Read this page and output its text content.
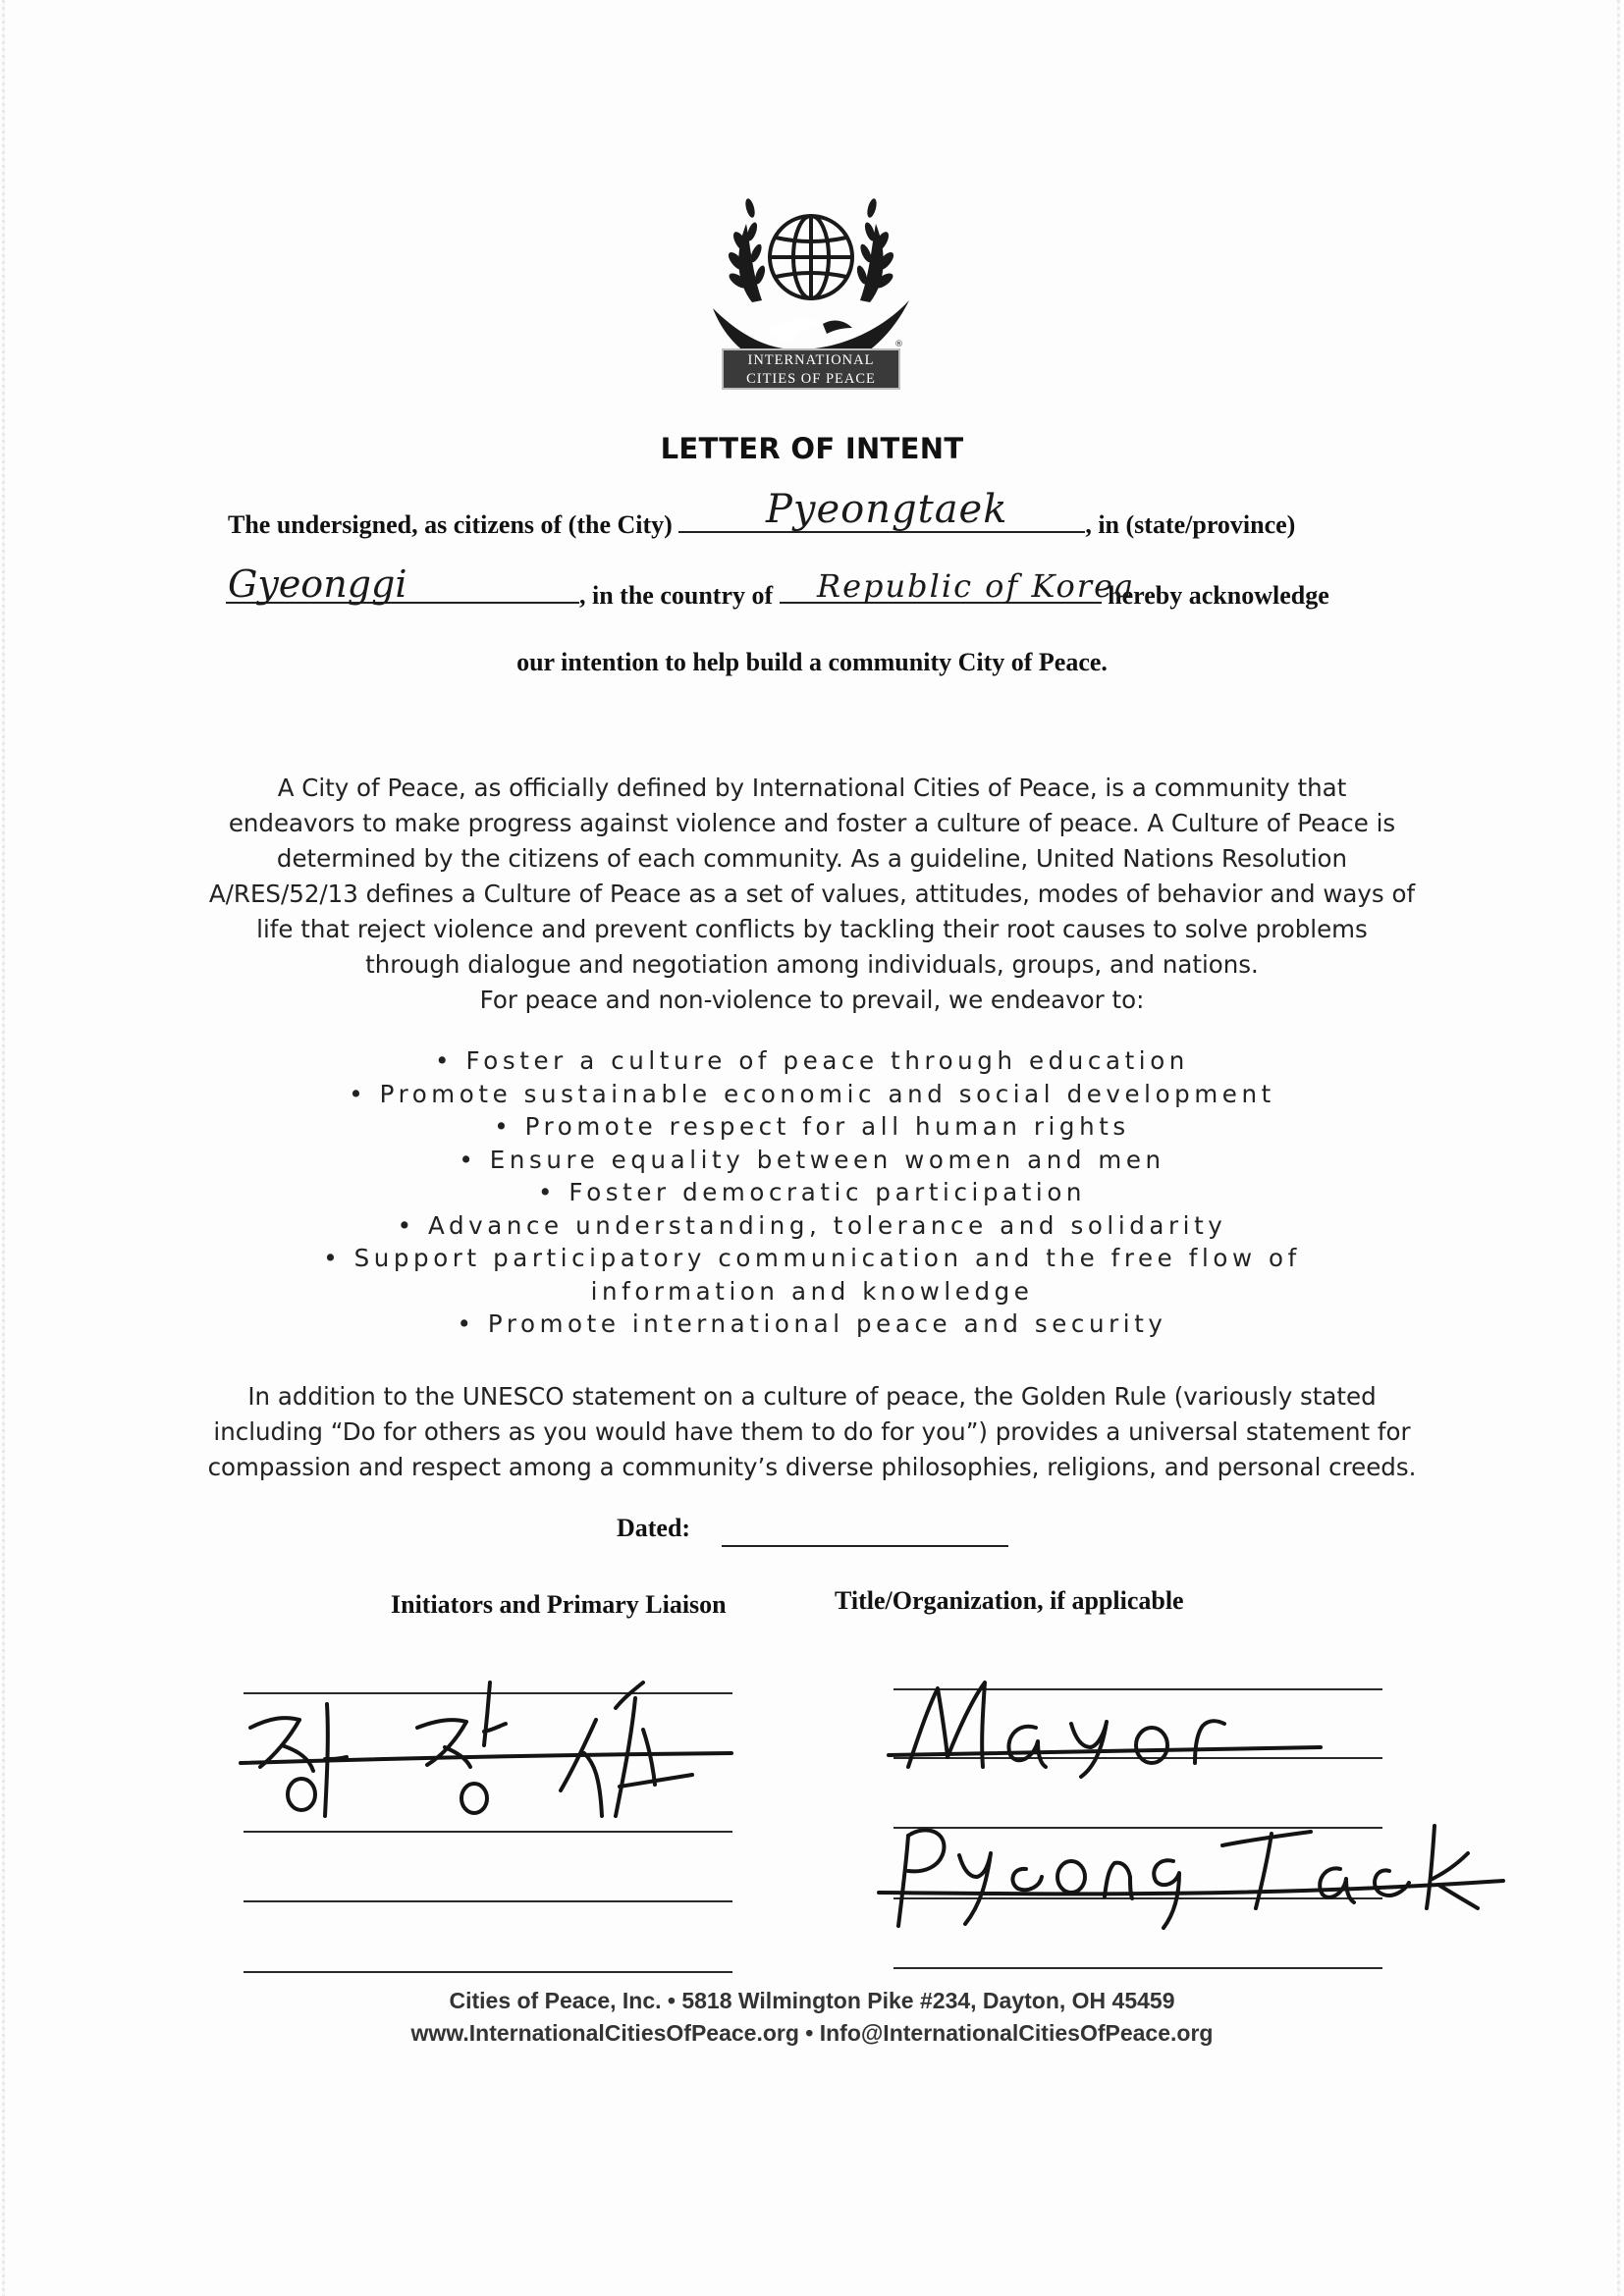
INTERNATIONAL
CITIES OF PEACE
®
LETTER OF INTENT
The undersigned, as citizens of (the City)	, in (state/province)
Pyeongtaek
, in the country of	hereby acknowledge
Gyeonggi	Republic of Korea
our intention to help build a community City of Peace.

A City of Peace, as officially defined by International Cities of Peace, is a community that

endeavors to make progress against violence and foster a culture of peace. A Culture of Peace is

determined by the citizens of each community. As a guideline, United Nations Resolution

A/RES/52/13 defines a Culture of Peace as a set of values, attitudes, modes of behavior and ways of

life that reject violence and prevent conflicts by tackling their root causes to solve problems

through dialogue and negotiation among individuals, groups, and nations.

For peace and non-violence to prevail, we endeavor to:

• Foster a culture of peace through education
• Promote sustainable economic and social development
• Promote respect for all human rights
• Ensure equality between women and men
• Foster democratic participation
• Advance understanding, tolerance and solidarity
• Support participatory communication and the free flow of
information and knowledge
• Promote international peace and security

In addition to the UNESCO statement on a culture of peace, the Golden Rule (variously stated

including “Do for others as you would have them to do for you”) provides a universal statement for

compassion and respect among a community’s diverse philosophies, religions, and personal creeds.

Dated:
Initiators and Primary Liaison	Title/Organization, if applicable
Cities of Peace, Inc. • 5818 Wilmington Pike #234, Dayton, OH 45459
www.InternationalCitiesOfPeace.org • Info@InternationalCitiesOfPeace.org
